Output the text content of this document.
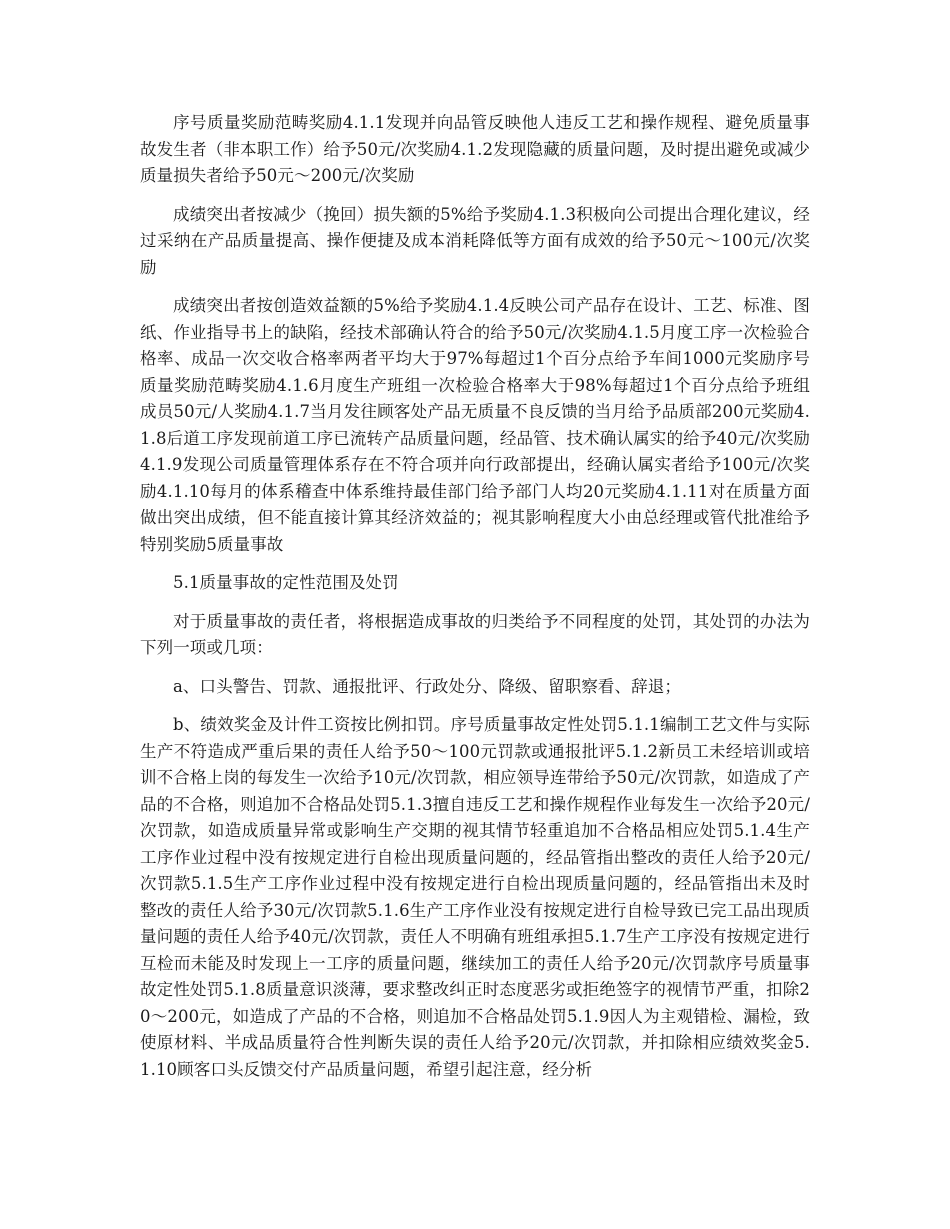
序号质量奖励范畴奖励4.1.1发现并向品管反映他人违反工艺和操作规程、避免质量事故发生者（非本职工作）给予50元/次奖励4.1.2发现隐藏的质量问题，及时提出避免或减少质量损失者给予50元～200元/次奖励

成绩突出者按减少（挽回）损失额的5%给予奖励4.1.3积极向公司提出合理化建议，经过采纳在产品质量提高、操作便捷及成本消耗降低等方面有成效的给予50元～100元/次奖励

成绩突出者按创造效益额的5%给予奖励4.1.4反映公司产品存在设计、工艺、标准、图纸、作业指导书上的缺陷，经技术部确认符合的给予50元/次奖励4.1.5月度工序一次检验合格率、成品一次交收合格率两者平均大于97%每超过1个百分点给予车间1000元奖励序号质量奖励范畴奖励4.1.6月度生产班组一次检验合格率大于98%每超过1个百分点给予班组成员50元/人奖励4.1.7当月发往顾客处产品无质量不良反馈的当月给予品质部200元奖励4.1.8后道工序发现前道工序已流转产品质量问题，经品管、技术确认属实的给予40元/次奖励4.1.9发现公司质量管理体系存在不符合项并向行政部提出，经确认属实者给予100元/次奖励4.1.10每月的体系稽查中体系维持最佳部门给予部门人均20元奖励4.1.11对在质量方面做出突出成绩，但不能直接计算其经济效益的；视其影响程度大小由总经理或管代批准给予特别奖励5质量事故

5.1质量事故的定性范围及处罚

对于质量事故的责任者，将根据造成事故的归类给予不同程度的处罚，其处罚的办法为下列一项或几项：

a、口头警告、罚款、通报批评、行政处分、降级、留职察看、辞退；

b、绩效奖金及计件工资按比例扣罚。序号质量事故定性处罚5.1.1编制工艺文件与实际生产不符造成严重后果的责任人给予50～100元罚款或通报批评5.1.2新员工未经培训或培训不合格上岗的每发生一次给予10元/次罚款，相应领导连带给予50元/次罚款，如造成了产品的不合格，则追加不合格品处罚5.1.3擅自违反工艺和操作规程作业每发生一次给予20元/次罚款，如造成质量异常或影响生产交期的视其情节轻重追加不合格品相应处罚5.1.4生产工序作业过程中没有按规定进行自检出现质量问题的，经品管指出整改的责任人给予20元/次罚款5.1.5生产工序作业过程中没有按规定进行自检出现质量问题的，经品管指出未及时整改的责任人给予30元/次罚款5.1.6生产工序作业没有按规定进行自检导致已完工品出现质量问题的责任人给予40元/次罚款，责任人不明确有班组承担5.1.7生产工序没有按规定进行互检而未能及时发现上一工序的质量问题，继续加工的责任人给予20元/次罚款序号质量事故定性处罚5.1.8质量意识淡薄，要求整改纠正时态度恶劣或拒绝签字的视情节严重，扣除20～200元，如造成了产品的不合格，则追加不合格品处罚5.1.9因人为主观错检、漏检，致使原材料、半成品质量符合性判断失误的责任人给予20元/次罚款，并扣除相应绩效奖金5.1.10顾客口头反馈交付产品质量问题，希望引起注意，经分析
